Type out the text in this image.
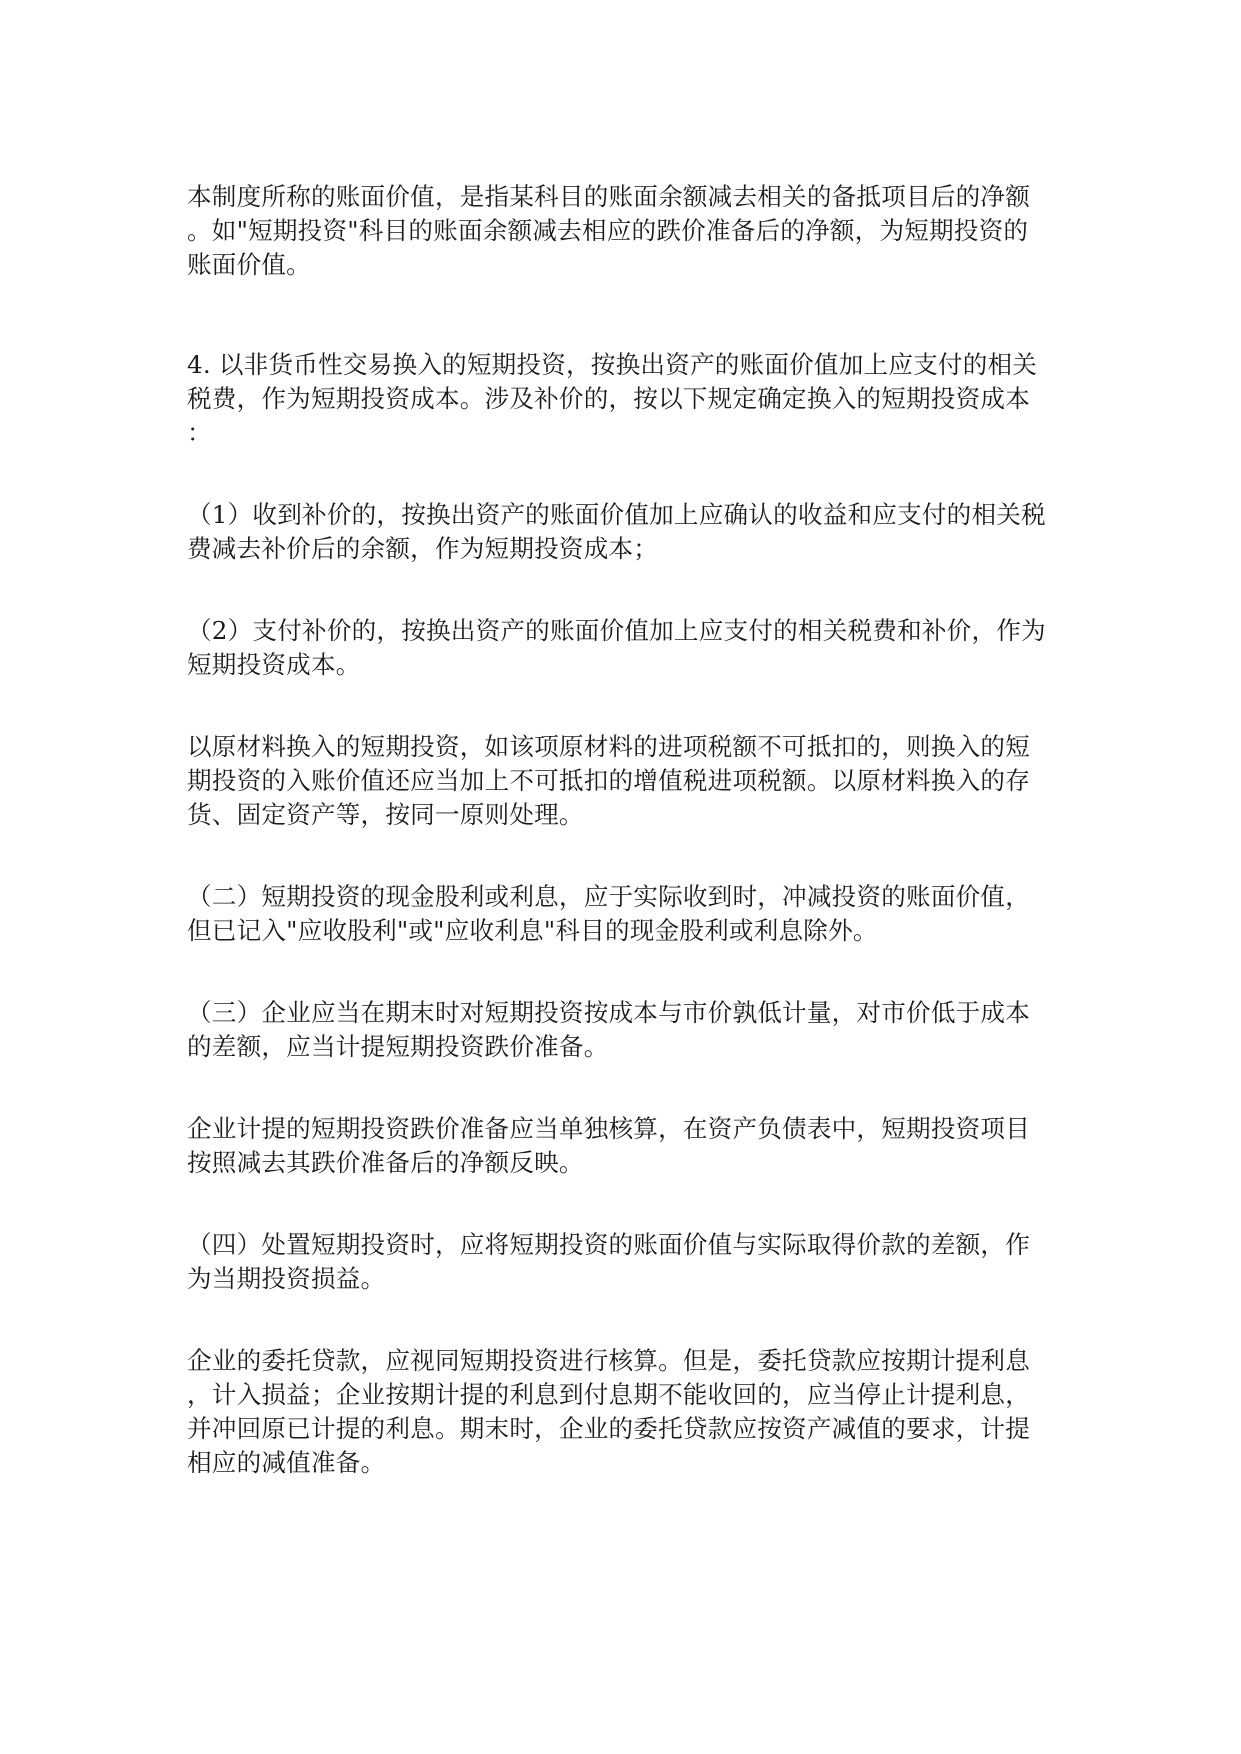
本制度所称的账面价值，是指某科目的账面余额减去相关的备抵项目后的净额
。如"短期投资"科目的账面余额减去相应的跌价准备后的净额，为短期投资的
账面价值。

4. 以非货币性交易换入的短期投资，按换出资产的账面价值加上应支付的相关
税费，作为短期投资成本。涉及补价的，按以下规定确定换入的短期投资成本
：

（1）收到补价的，按换出资产的账面价值加上应确认的收益和应支付的相关税
费减去补价后的余额，作为短期投资成本；

（2）支付补价的，按换出资产的账面价值加上应支付的相关税费和补价，作为
短期投资成本。

以原材料换入的短期投资，如该项原材料的进项税额不可抵扣的，则换入的短
期投资的入账价值还应当加上不可抵扣的增值税进项税额。以原材料换入的存
货、固定资产等，按同一原则处理。

（二）短期投资的现金股利或利息，应于实际收到时，冲减投资的账面价值，
但已记入"应收股利"或"应收利息"科目的现金股利或利息除外。

（三）企业应当在期末时对短期投资按成本与市价孰低计量，对市价低于成本
的差额，应当计提短期投资跌价准备。

企业计提的短期投资跌价准备应当单独核算，在资产负债表中，短期投资项目
按照减去其跌价准备后的净额反映。

（四）处置短期投资时，应将短期投资的账面价值与实际取得价款的差额，作
为当期投资损益。

企业的委托贷款，应视同短期投资进行核算。但是，委托贷款应按期计提利息
，计入损益；企业按期计提的利息到付息期不能收回的，应当停止计提利息，
并冲回原已计提的利息。期末时，企业的委托贷款应按资产减值的要求，计提
相应的减值准备。
